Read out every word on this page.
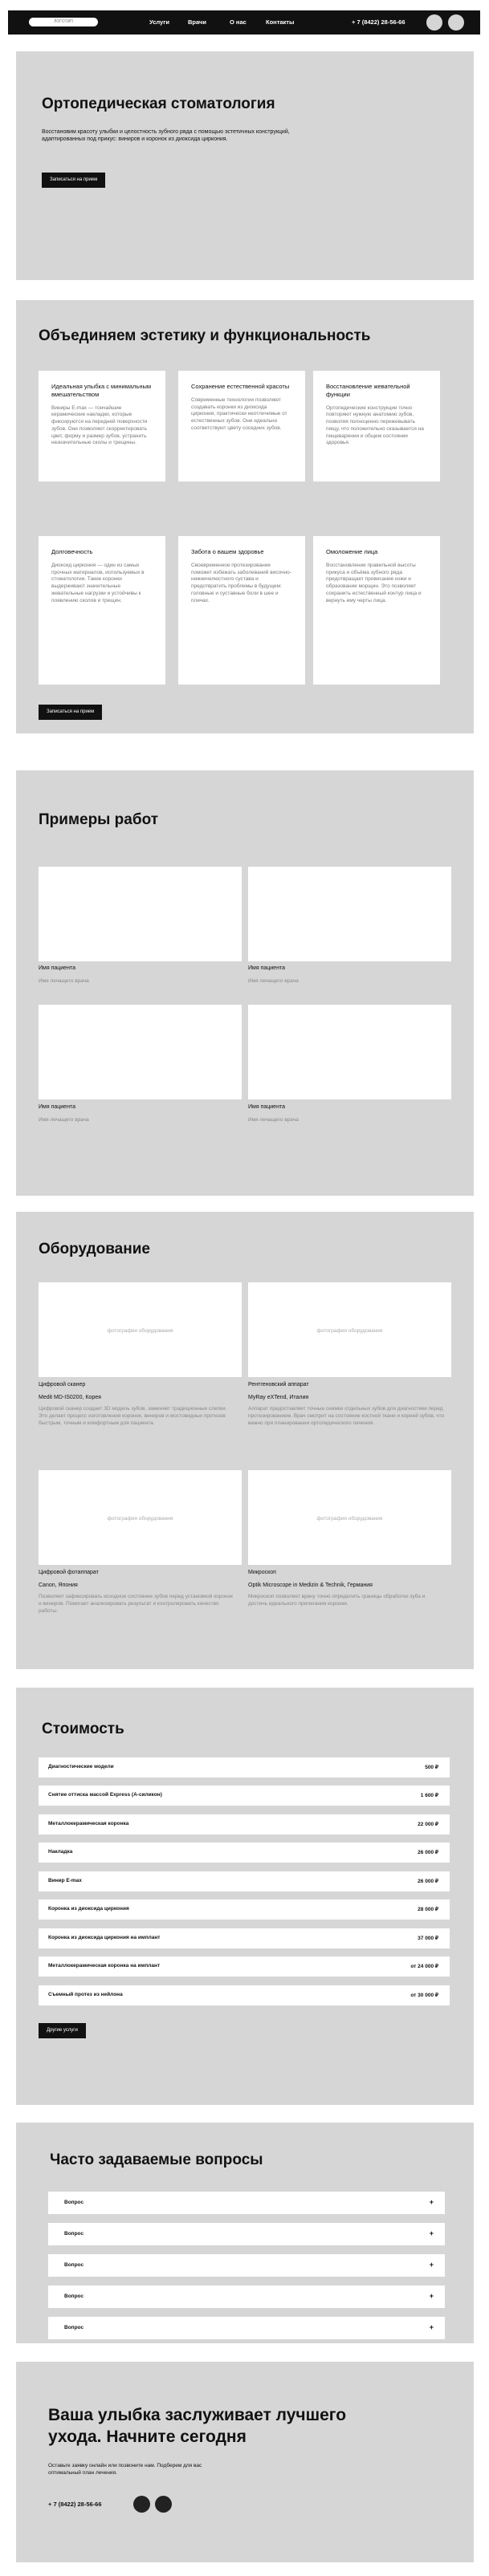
ЛОГОТИП	Услуги	Врачи	О нас	Контакты	+ 7 (8422) 28-56-66
Ортопедическая стоматология
Восстановим красоту улыбки и целостность зубного ряда с помощью эстетичных конструкций, адаптированных под прикус: виниров и коронок из диоксида циркония.
Записаться на прием
Объединяем эстетику и функциональность
Идеальная улыбка с минимальным вмешательством
Виниры E-max — тончайшие керамические накладки, которые фиксируются на передней поверхности зубов. Они позволяют скорректировать цвет, форму и размер зубов, устранить незначительные сколы и трещины.
Сохранение естественной красоты
Современные технологии позволяют создавать коронки из диоксида циркония, практически неотличимые от естественных зубов. Они идеально соответствуют цвету соседних зубов.
Восстановление жевательной функции
Ортопедические конструкции точно повторяют нужную анатомию зубов, позволяя полноценно пережевывать пищу, что положительно сказывается на пищеварении и общем состоянии здоровья.
Долговечность
Диоксид циркония — один из самых прочных материалов, используемых в стоматологии. Такие коронки выдерживают значительные жевательные нагрузки и устойчивы к появлению сколов и трещин.
Забота о вашем здоровье
Своевременное протезирование поможет избежать заболеваний височно-нижнечелюстного сустава и предотвратить проблемы в будущем: головные и суставные боли в шее и плечах.
Омоложение лица
Восстановление правильной высоты прикуса и объёма зубного ряда предотвращает провисание кожи и образование морщин. Это позволяет сохранить естественный контур лица и вернуть ему черты лица.
Записаться на прием
Примеры работ
Имя пациента
Имя лечащего врача
Имя пациента
Имя лечащего врача
Имя пациента
Имя лечащего врача
Имя пациента
Имя лечащего врача
Оборудование
фотография оборудования
Цифровой сканер
Medit MD-IS0200, Корея
Цифровой сканер создает 3D модель зубов, заменяет традиционные слепки. Это делает процесс изготовления коронок, виниров и мостовидных протезов быстрым, точным и комфортным для пациента.
фотография оборудования
Рентгеновский аппарат
MyRay eXTend, Италия
Аппарат предоставляет точные снимки отдельных зубов для диагностики перед протезированием. Врач смотрит на состояние костной ткани и корней зубов, что важно при планировании ортопедического лечения.
фотография оборудования
Цифровой фотаппарат
Canon, Япония
Позволяет зафиксировать исходное состояние зубов перед установкой коронок и виниров. Помогает анализировать результат и контролировать качество работы.
фотография оборудования
Микроскоп
Optik Microscope in Medizin & Technik, Германия
Микроскоп позволяет врачу точно определить границы обработки зуба и достичь идеального прилегания коронки.
Стоимость
Диагностические модели	500 ₽
Снятие оттиска массой Express (А-силикон)	1 600 ₽
Металлокерамическая коронка	22 000 ₽
Накладка	26 000 ₽
Винир E-max	26 000 ₽
Коронка из диоксида циркония	28 000 ₽
Коронка из диоксида циркония на имплант	37 000 ₽
Металлокерамическая коронка на имплант	от 24 000 ₽
Съемный протез из нейлона	от 30 000 ₽
Другие услуги
Часто задаваемые вопросы
Вопрос	+
Вопрос	+
Вопрос	+
Вопрос	+
Вопрос	+
Ваша улыбка заслуживает лучшего ухода. Начните сегодня
Оставьте заявку онлайн или позвоните нам. Подберем для вас оптимальный план лечения.
+ 7 (8422) 28-56-66
